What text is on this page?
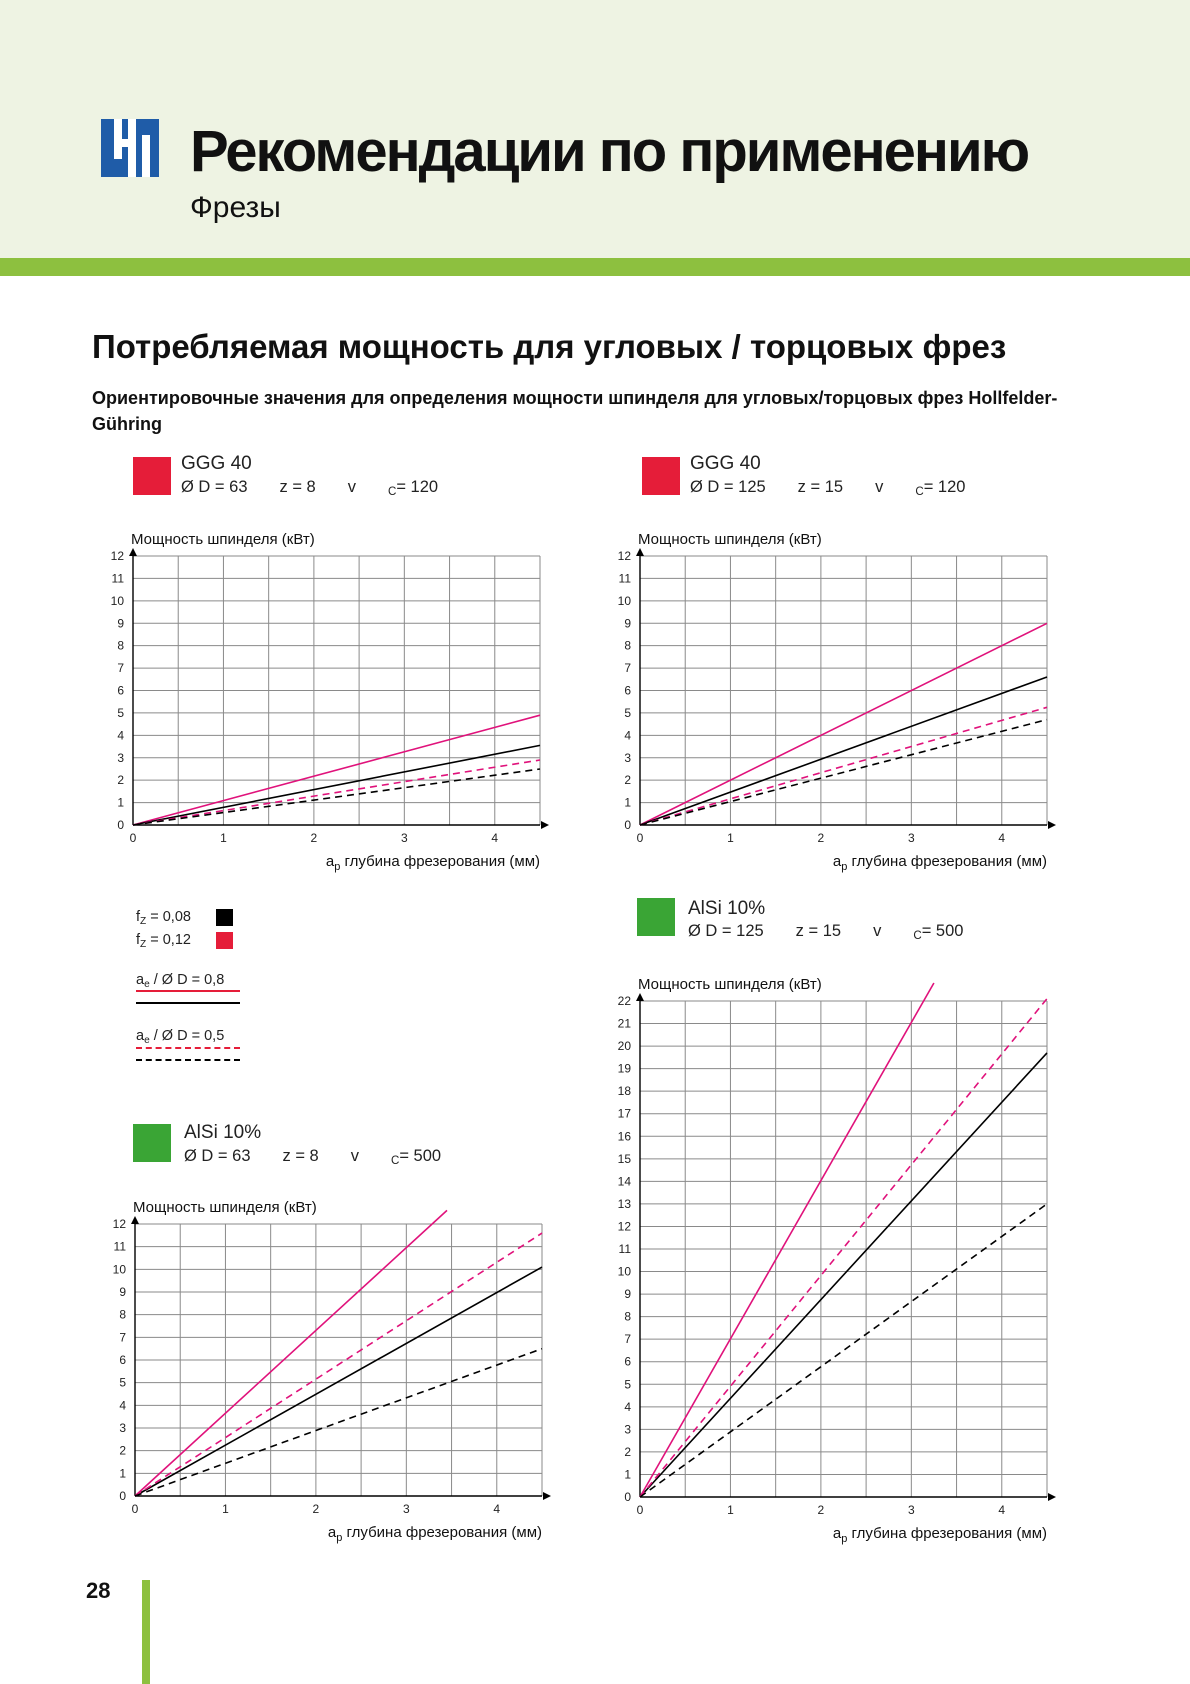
Рекомендации по применению
Фрезы
Потребляемая мощность для угловых / торцовых фрез
Ориентировочные значения для определения мощности шпинделя для угловых/торцовых фрез Hollfelder-Gühring
GGG 40
Ø D = 63 z = 8 v	$_C$= 120
GGG 40
Ø D = 125 z = 15 v	$_C$= 120
AlSi 10%
Ø D = 63 z = 8 v	$_C$= 500
AlSi 10%
Ø D = 125 z = 15 v	$_C$= 500
$f_Z = 0,08$
$f_Z = 0,12$
$a_e$ / Ø D = 0,8
$a_e$ / Ø D = 0,5
0
1
2
3
4
5
6
7
8
9
10
11
12
0	1	2	3	4
Мощность шпинделя (кВт)
$a_p$ глубина фрезерования (мм)
0
1
2
3
4
5
6
7
8
9
10
11
12
0	1	2	3	4
Мощность шпинделя (кВт)
$a_p$ глубина фрезерования (мм)
0
1
2
3
4
5
6
7
8
9
10
11
12
0	1	2	3	4
Мощность шпинделя (кВт)
$a_p$ глубина фрезерования (мм)
0
1
2
3
4
5
6
7
8
9
10
11
12
13
14
15
16
17
18
19
20
21
22
0	1	2	3	4
Мощность шпинделя (кВт)
$a_p$ глубина фрезерования (мм)
28
